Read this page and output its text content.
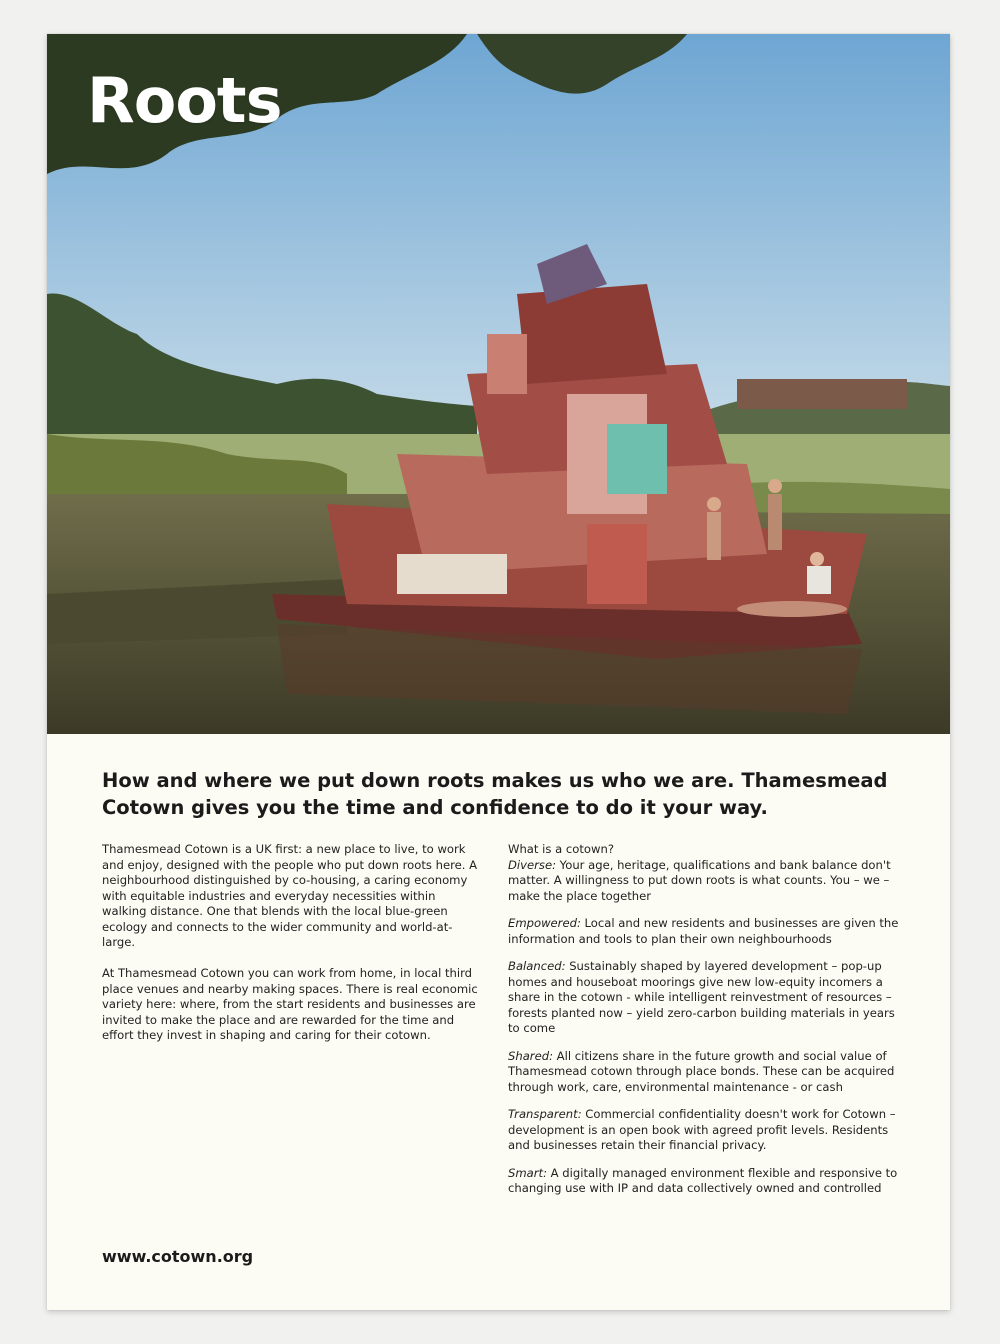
Roots
How and where we put down roots makes us who we are. Thamesmead Cotown gives you the time and confidence to do it your way.

Thamesmead Cotown is a UK first: a new place to live, to work and enjoy, designed with the people who put down roots here. A neighbourhood distinguished by co-housing, a caring economy with equitable industries and everyday necessities within walking distance. One that blends with the local blue-green ecology and connects to the wider community and world-at-large.

At Thamesmead Cotown you can work from home, in local third place venues and nearby making spaces. There is real economic variety here: where, from the start residents and businesses are invited to make the place and are rewarded for the time and effort they invest in shaping and caring for their cotown.

What is a cotown?

Diverse: Your age, heritage, qualifications and bank balance don't matter. A willingness to put down roots is what counts. You – we – make the place together

Empowered: Local and new residents and businesses are given the information and tools to plan their own neighbourhoods

Balanced: Sustainably shaped by layered development – pop-up homes and houseboat moorings give new low-equity incomers a share in the cotown - while intelligent reinvestment of resources – forests planted now – yield zero-carbon building materials in years to come

Shared: All citizens share in the future growth and social value of Thamesmead cotown through place bonds. These can be acquired through work, care, environmental maintenance - or cash

Transparent: Commercial confidentiality doesn't work for Cotown – development is an open book with agreed profit levels. Residents and businesses retain their financial privacy.

Smart: A digitally managed environment flexible and responsive to changing use with IP and data collectively owned and controlled

www.cotown.org
